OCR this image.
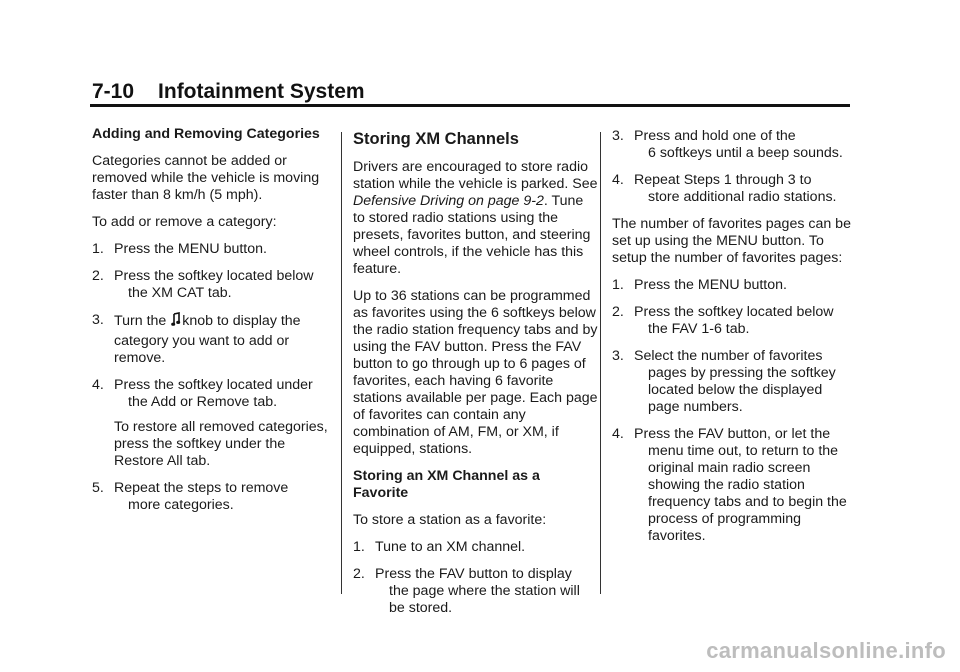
7-10 Infotainment System

Adding and Removing Categories

Categories cannot be added or removed while the vehicle is moving faster than 8 km/h (5 mph).

To add or remove a category:

1. Press the MENU button.
2. Press the softkey located below
the XM CAT tab.
3. Turn the knob to display the
category you want to add or remove.
4. Press the softkey located under
the Add or Remove tab.

To restore all removed categories, press the softkey under the Restore All tab.

5. Repeat the steps to remove
more categories.
Storing XM Channels

Drivers are encouraged to store radio station while the vehicle is parked. See Defensive Driving on page 9-2. Tune to stored radio stations using the presets, favorites button, and steering wheel controls, if the vehicle has this feature.

Up to 36 stations can be programmed as favorites using the 6 softkeys below the radio station frequency tabs and by using the FAV button. Press the FAV button to go through up to 6 pages of favorites, each having 6 favorite stations available per page. Each page of favorites can contain any combination of AM, FM, or XM, if equipped, stations.

Storing an XM Channel as a Favorite

To store a station as a favorite:

1. Tune to an XM channel.
2. Press the FAV button to display
the page where the station will be stored.
3. Press and hold one of the
6 softkeys until a beep sounds.
4. Repeat Steps 1 through 3 to
store additional radio stations.

The number of favorites pages can be set up using the MENU button. To setup the number of favorites pages:

1. Press the MENU button.
2. Press the softkey located below
the FAV 1-6 tab.
3. Select the number of favorites
pages by pressing the softkey located below the displayed page numbers.
4. Press the FAV button, or let the
menu time out, to return to the original main radio screen showing the radio station frequency tabs and to begin the process of programming favorites.
carmanualsonline.info
